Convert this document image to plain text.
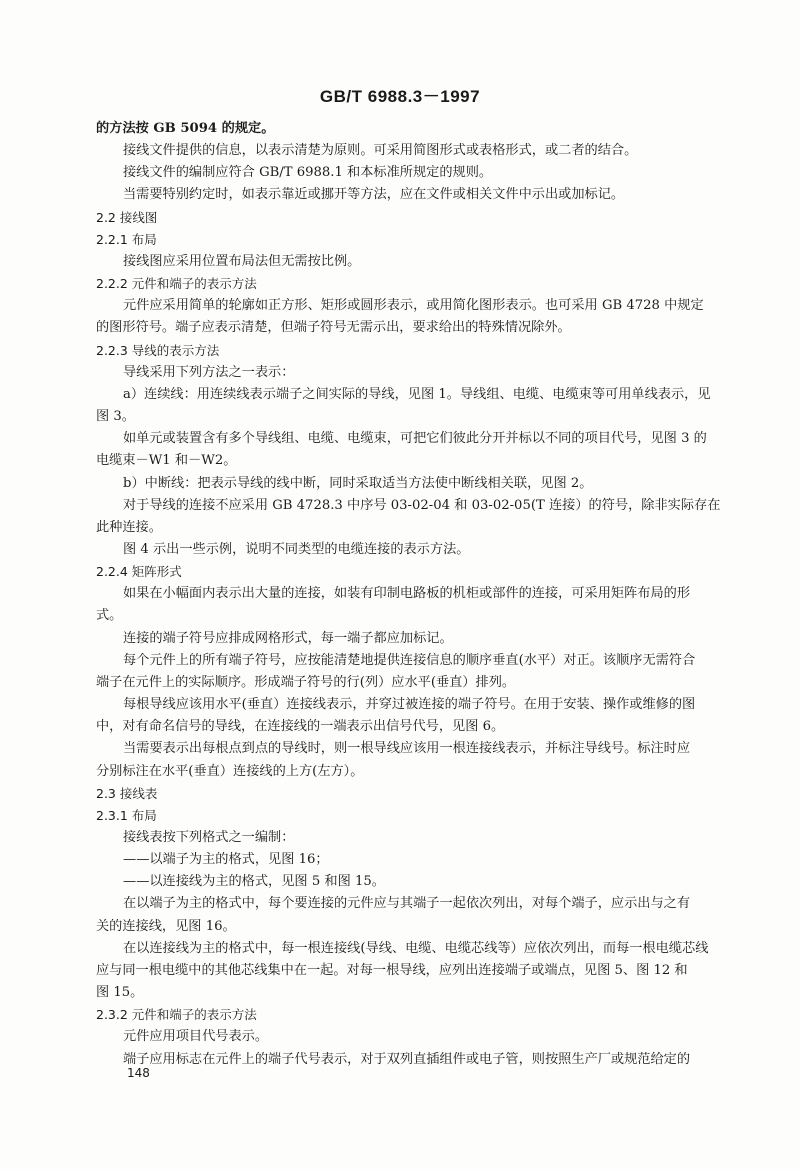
GB/T 6988.3－1997

的方法按 GB 5094 的规定。

接线文件提供的信息，以表示清楚为原则。可采用简图形式或表格形式，或二者的结合。

接线文件的编制应符合 GB/T 6988.1 和本标准所规定的规则。

当需要特别约定时，如表示靠近或挪开等方法，应在文件或相关文件中示出或加标记。

2.2 接线图

2.2.1 布局

接线图应采用位置布局法但无需按比例。

2.2.2 元件和端子的表示方法

元件应采用简单的轮廓如正方形、矩形或圆形表示，或用简化图形表示。也可采用 GB 4728 中规定

的图形符号。端子应表示清楚，但端子符号无需示出，要求给出的特殊情况除外。

2.2.3 导线的表示方法

导线采用下列方法之一表示：

a）连续线：用连续线表示端子之间实际的导线，见图 1。导线组、电缆、电缆束等可用单线表示，见

图 3。

如单元或装置含有多个导线组、电缆、电缆束，可把它们彼此分开并标以不同的项目代号，见图 3 的

电缆束－W1 和－W2。

b）中断线：把表示导线的线中断，同时采取适当方法使中断线相关联，见图 2。

对于导线的连接不应采用 GB 4728.3 中序号 03-02-04 和 03-02-05(T 连接）的符号，除非实际存在

此种连接。

图 4 示出一些示例，说明不同类型的电缆连接的表示方法。

2.2.4 矩阵形式

如果在小幅面内表示出大量的连接，如装有印制电路板的机柜或部件的连接，可采用矩阵布局的形

式。

连接的端子符号应排成网格形式，每一端子都应加标记。

每个元件上的所有端子符号，应按能清楚地提供连接信息的顺序垂直(水平）对正。该顺序无需符合

端子在元件上的实际顺序。形成端子符号的行(列）应水平(垂直）排列。

每根导线应该用水平(垂直）连接线表示，并穿过被连接的端子符号。在用于安装、操作或维修的图

中，对有命名信号的导线，在连接线的一端表示出信号代号，见图 6。

当需要表示出每根点到点的导线时，则一根导线应该用一根连接线表示，并标注导线号。标注时应

分别标注在水平(垂直）连接线的上方(左方）。

2.3 接线表

2.3.1 布局

接线表按下列格式之一编制：

——以端子为主的格式，见图 16；

——以连接线为主的格式，见图 5 和图 15。

在以端子为主的格式中，每个要连接的元件应与其端子一起依次列出，对每个端子，应示出与之有

关的连接线，见图 16。

在以连接线为主的格式中，每一根连接线(导线、电缆、电缆芯线等）应依次列出，而每一根电缆芯线

应与同一根电缆中的其他芯线集中在一起。对每一根导线，应列出连接端子或端点，见图 5、图 12 和

图 15。

2.3.2 元件和端子的表示方法

元件应用项目代号表示。

端子应用标志在元件上的端子代号表示，对于双列直插组件或电子管，则按照生产厂或规范给定的

148
